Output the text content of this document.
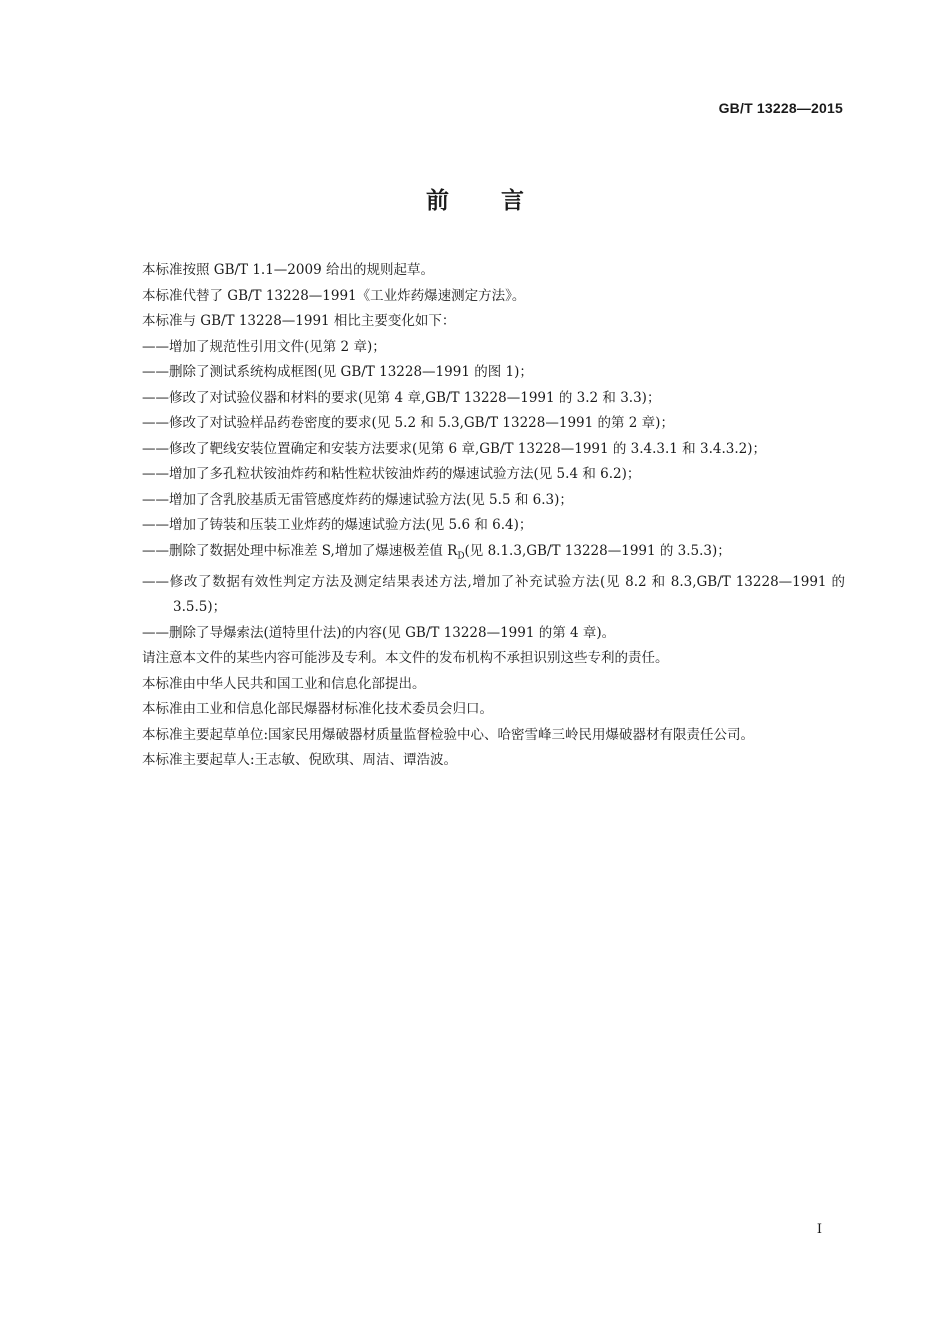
GB/T 13228—2015
前言

本标准按照 GB/T 1.1—2009 给出的规则起草。

本标准代替了 GB/T 13228—1991《工业炸药爆速测定方法》。

本标准与 GB/T 13228—1991 相比主要变化如下：

——增加了规范性引用文件(见第 2 章)；

——删除了测试系统构成框图(见 GB/T 13228—1991 的图 1)；

——修改了对试验仪器和材料的要求(见第 4 章,GB/T 13228—1991 的 3.2 和 3.3)；

——修改了对试验样品药卷密度的要求(见 5.2 和 5.3,GB/T 13228—1991 的第 2 章)；

——修改了靶线安装位置确定和安装方法要求(见第 6 章,GB/T 13228—1991 的 3.4.3.1 和 3.4.3.2)；

——增加了多孔粒状铵油炸药和粘性粒状铵油炸药的爆速试验方法(见 5.4 和 6.2)；

——增加了含乳胶基质无雷管感度炸药的爆速试验方法(见 5.5 和 6.3)；

——增加了铸装和压装工业炸药的爆速试验方法(见 5.6 和 6.4)；

——删除了数据处理中标准差 S,增加了爆速极差值 $R_D$(见 8.1.3,GB/T 13228—1991 的 3.5.3)；

——修改了数据有效性判定方法及测定结果表述方法,增加了补充试验方法(见 8.2 和 8.3,GB/T 13228—1991 的 3.5.5)；

——删除了导爆索法(道特里什法)的内容(见 GB/T 13228—1991 的第 4 章)。

请注意本文件的某些内容可能涉及专利。本文件的发布机构不承担识别这些专利的责任。

本标准由中华人民共和国工业和信息化部提出。

本标准由工业和信息化部民爆器材标准化技术委员会归口。

本标准主要起草单位:国家民用爆破器材质量监督检验中心、哈密雪峰三岭民用爆破器材有限责任公司。

本标准主要起草人:王志敏、倪欧琪、周洁、谭浩波。

I
